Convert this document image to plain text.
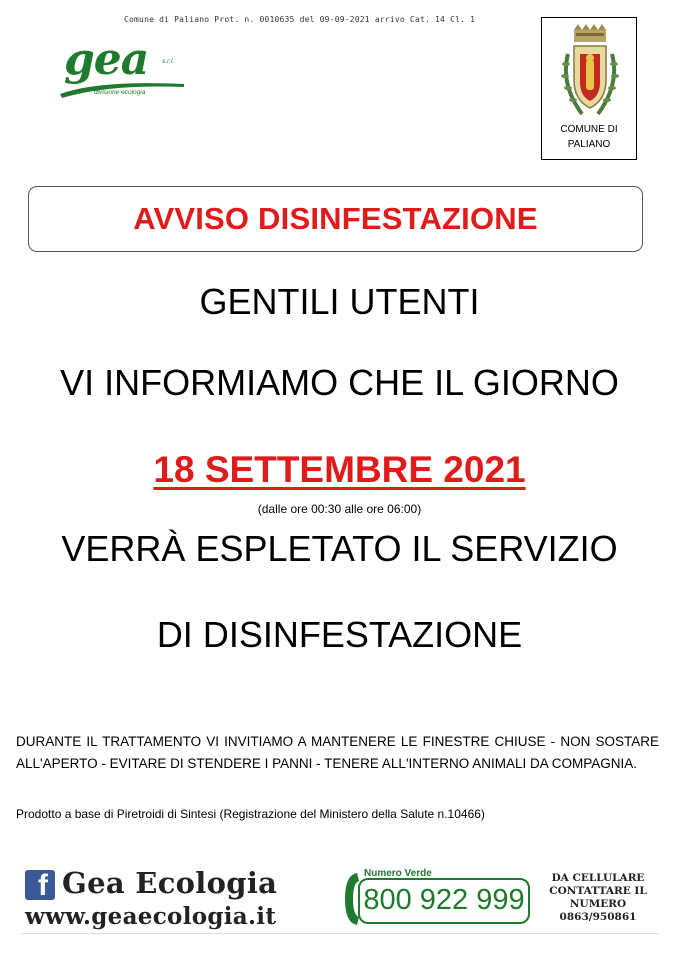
Comune di Paliano Prot. n. 0010635 del 09-09-2021 arrivo Cat. 14 Cl. 1
gea s.r.l.
divisione ecologia
COMUNE DI
PALIANO
AVVISO DISINFESTAZIONE
GENTILI UTENTI
VI INFORMIAMO CHE IL GIORNO
18 SETTEMBRE 2021
(dalle ore 00:30 alle ore 06:00)
VERRÀ ESPLETATO IL SERVIZIO
DI DISINFESTAZIONE
DURANTE IL TRATTAMENTO VI INVITIAMO A MANTENERE LE FINESTRE CHIUSE - NON SOSTARE ALL'APERTO - EVITARE DI STENDERE I PANNI - TENERE ALL'INTERNO ANIMALI DA COMPAGNIA.
Prodotto a base di Piretroidi di Sintesi (Registrazione del Ministero della Salute n.10466)
f Gea Ecologia
www.geaecologia.it
Numero Verde
800 922 999
DA CELLULARE
CONTATTARE IL
NUMERO
0863/950861
